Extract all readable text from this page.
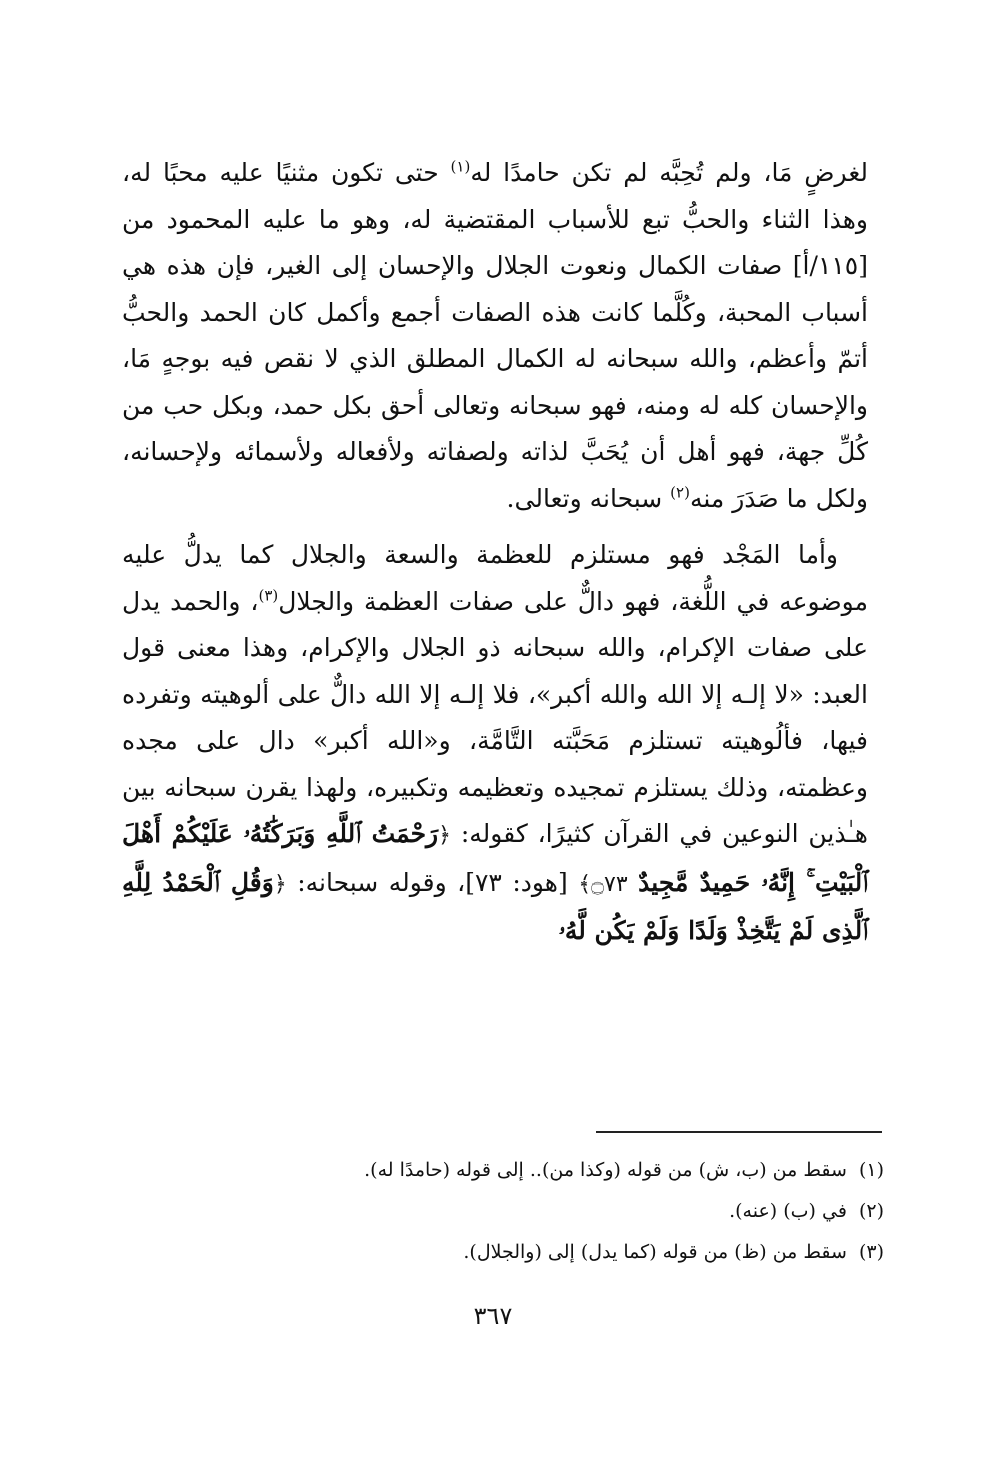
لغرضٍ مَا، ولم تُحِبَّه لم تكن حامدًا له$^{(١)}$ حتى تكون مثنيًا عليه محبًا له، وهذا الثناء والحبُّ تبع للأسباب المقتضية له، وهو ما عليه المحمود من [١١٥/أ] صفات الكمال ونعوت الجلال والإحسان إلى الغير، فإن هذه هي أسباب المحبة، وكُلَّما كانت هذه الصفات أجمع وأكمل كان الحمد والحبُّ أتمّ وأعظم، والله سبحانه له الكمال المطلق الذي لا نقص فيه بوجهٍ مَا، والإحسان كله له ومنه، فهو سبحانه وتعالى أحق بكل حمد، وبكل حب من كُلِّ جهة، فهو أهل أن يُحَبَّ لذاته ولصفاته ولأفعاله ولأسمائه ولإحسانه، ولكل ما صَدَرَ منه$^{(٢)}$ سبحانه وتعالى.

وأما المَجْد فهو مستلزم للعظمة والسعة والجلال كما يدلُّ عليه موضوعه في اللُّغة، فهو دالٌّ على صفات العظمة والجلال$^{(٣)}$، والحمد يدل على صفات الإكرام، والله سبحانه ذو الجلال والإكرام، وهذا معنى قول العبد: «لا إلـه إلا الله والله أكبر»، فلا إلـه إلا الله دالٌّ على ألوهيته وتفرده فيها، فألُوهيته تستلزم مَحَبَّته التَّامَّة، و«الله أكبر» دال على مجده وعظمته، وذلك يستلزم تمجيده وتعظيمه وتكبيره، ولهذا يقرن سبحانه بين هـٰذين النوعين في القرآن كثيرًا، كقوله: ﴿رَحْمَتُ ٱللَّهِ وَبَرَكَٰتُهُۥ عَلَيْكُمْ أَهْلَ ٱلْبَيْتِ ۚ إِنَّهُۥ حَمِيدٌ مَّجِيدٌ ۝٧٣﴾ [هود: ٧٣]، وقوله سبحانه: ﴿وَقُلِ ٱلْحَمْدُ لِلَّهِ ٱلَّذِى لَمْ يَتَّخِذْ وَلَدًا وَلَمْ يَكُن لَّهُۥ

(١)سقط من (ب، ش) من قوله (وكذا من).. إلى قوله (حامدًا له).

(٢)في (ب) (عنه).

(٣)سقط من (ظ) من قوله (كما يدل) إلى (والجلال).

٣٦٧
